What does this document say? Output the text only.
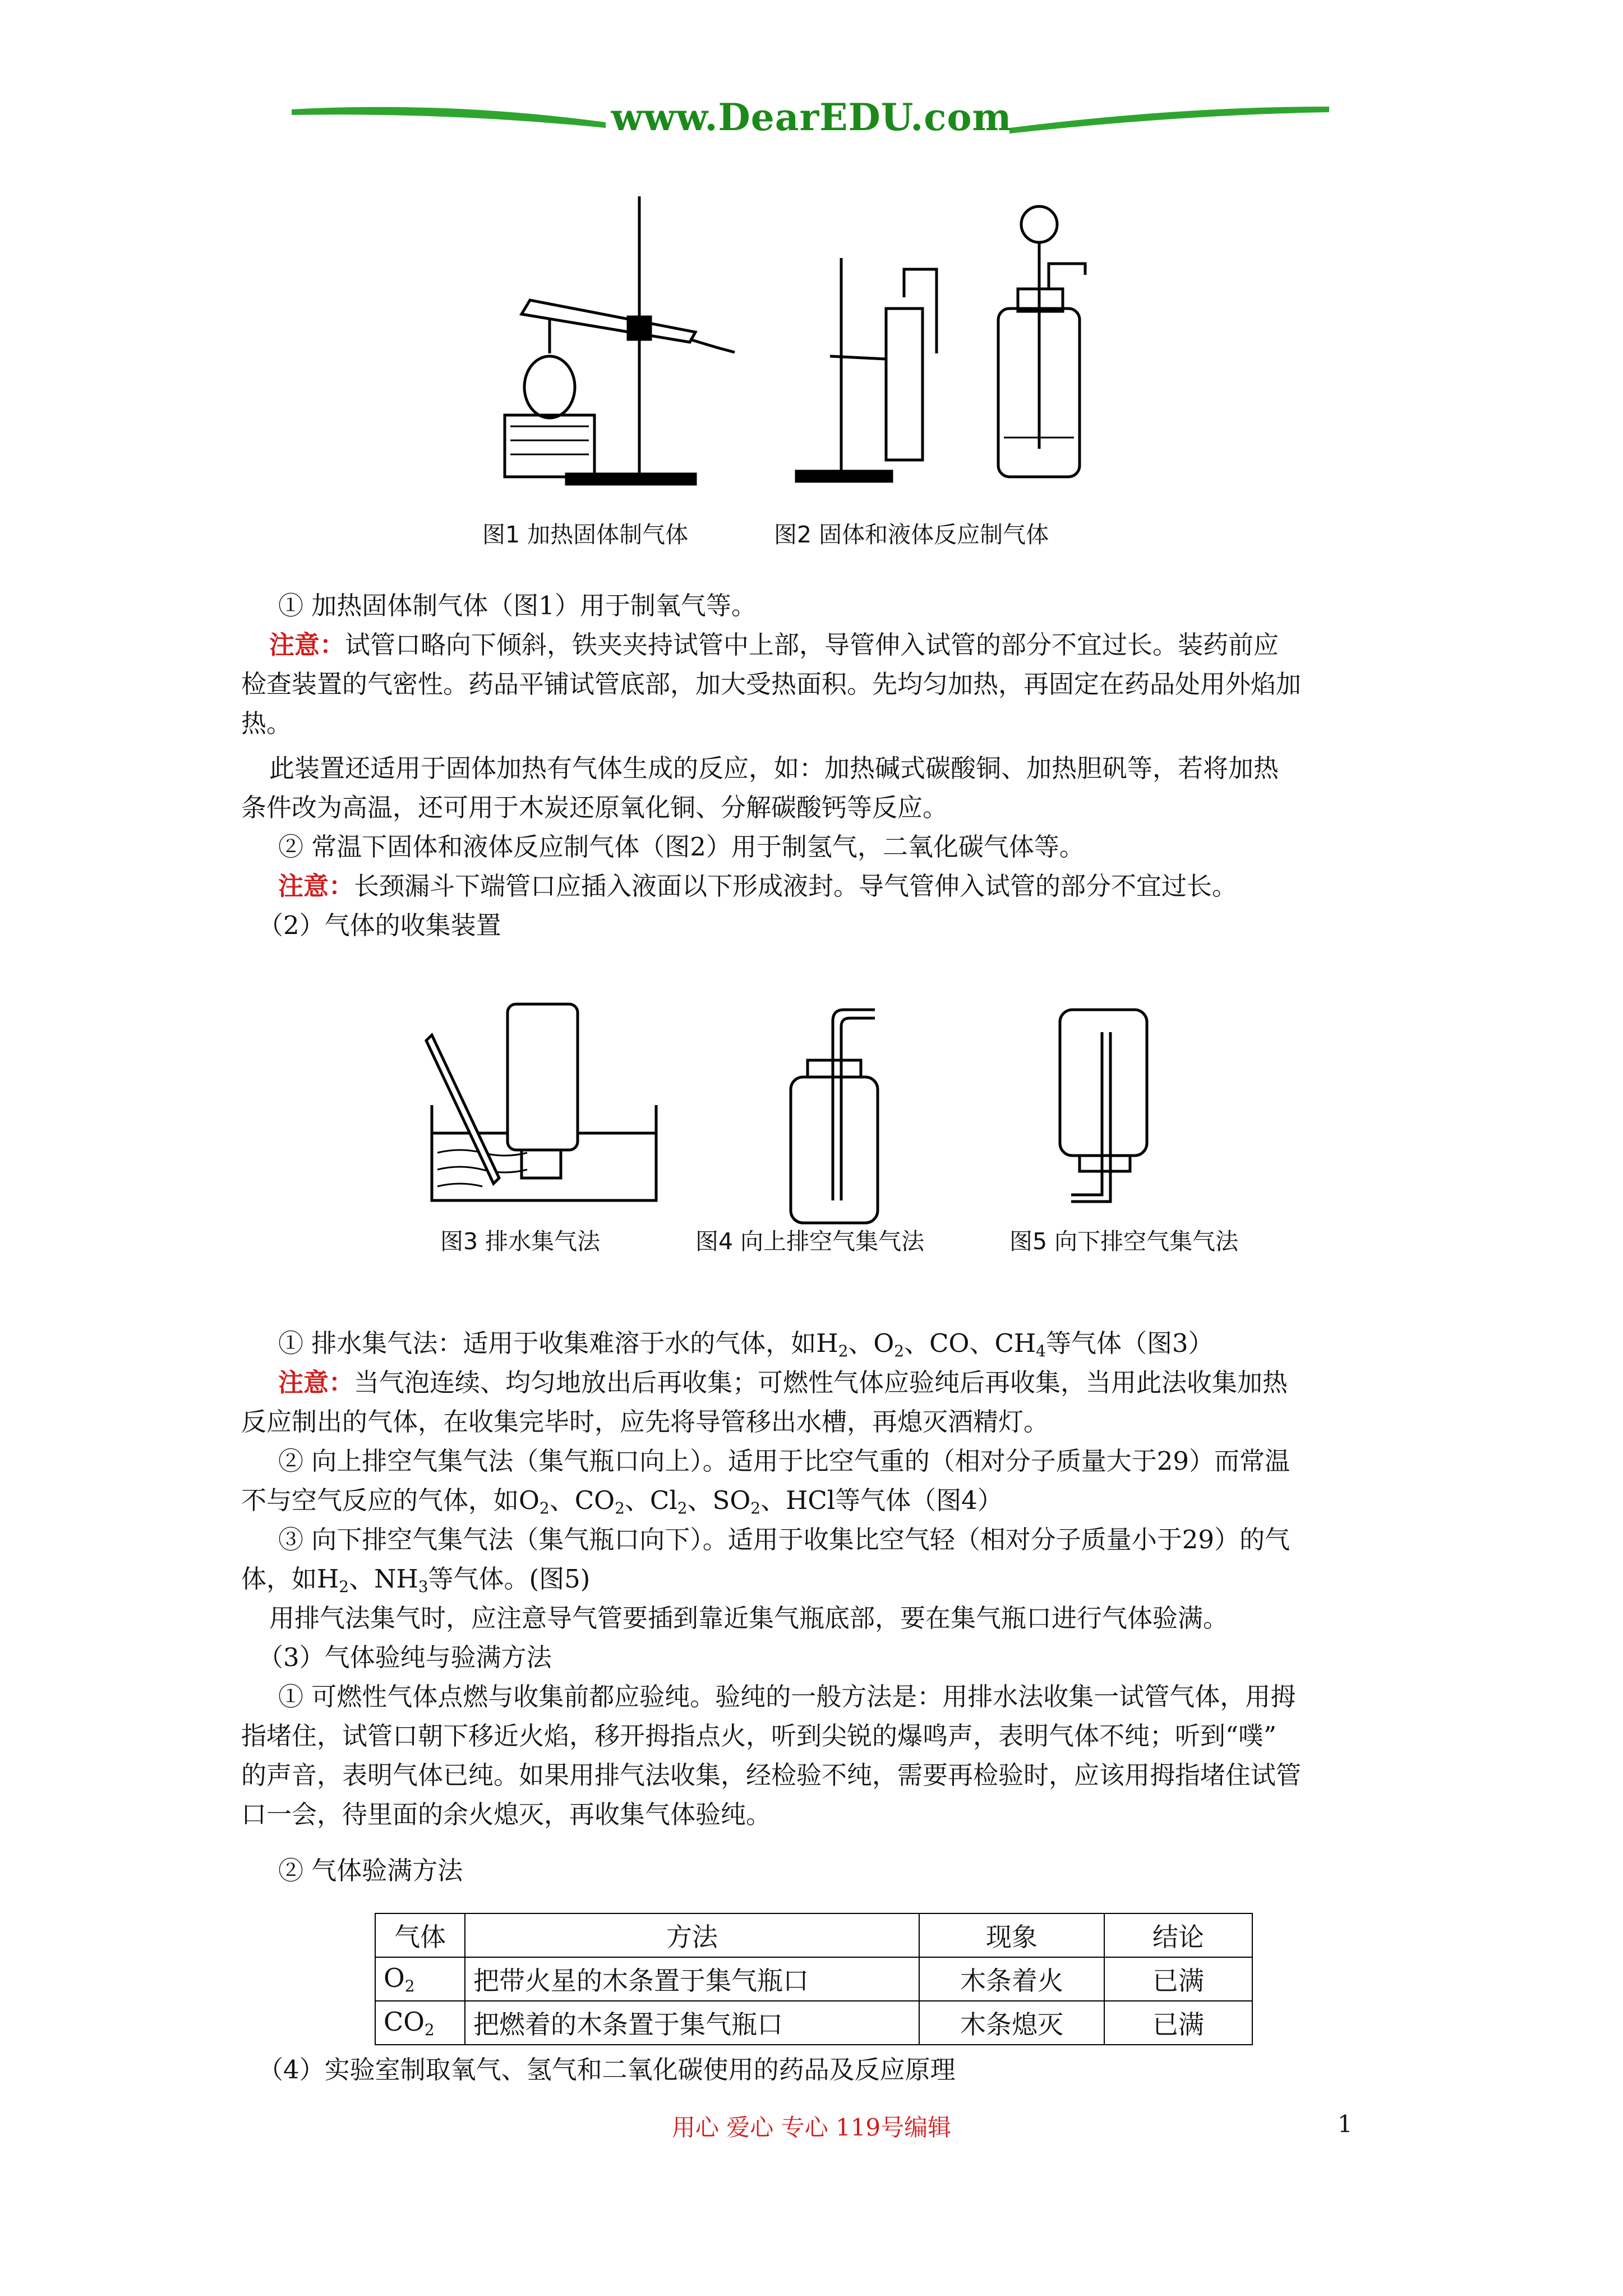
www.DearEDU.com
图1 加热固体制气体	图2 固体和液体反应制气体
① 加热固体制气体（图1）用于制氧气等。
注意：试管口略向下倾斜，铁夹夹持试管中上部，导管伸入试管的部分不宜过长。装药前应
检查装置的气密性。药品平铺试管底部，加大受热面积。先均匀加热，再固定在药品处用外焰加
热。
此装置还适用于固体加热有气体生成的反应，如：加热碱式碳酸铜、加热胆矾等，若将加热
条件改为高温，还可用于木炭还原氧化铜、分解碳酸钙等反应。
② 常温下固体和液体反应制气体（图2）用于制氢气，二氧化碳气体等。
注意：长颈漏斗下端管口应插入液面以下形成液封。导气管伸入试管的部分不宜过长。
（2）气体的收集装置
图3 排水集气法	图4 向上排空气集气法	图5 向下排空气集气法
① 排水集气法：适用于收集难溶于水的气体，如$H_2$、$O_2$、CO、$CH_4$等气体（图3）
注意：当气泡连续、均匀地放出后再收集；可燃性气体应验纯后再收集，当用此法收集加热
反应制出的气体，在收集完毕时，应先将导管移出水槽，再熄灭酒精灯。
② 向上排空气集气法（集气瓶口向上）。适用于比空气重的（相对分子质量大于29）而常温
不与空气反应的气体，如$O_2$、$CO_2$、$Cl_2$、$SO_2$、HCl等气体（图4）
③ 向下排空气集气法（集气瓶口向下）。适用于收集比空气轻（相对分子质量小于29）的气
体，如$H_2$、$NH_3$等气体。(图5)
用排气法集气时，应注意导气管要插到靠近集气瓶底部，要在集气瓶口进行气体验满。
（3）气体验纯与验满方法
① 可燃性气体点燃与收集前都应验纯。验纯的一般方法是：用排水法收集一试管气体，用拇
指堵住，试管口朝下移近火焰，移开拇指点火，听到尖锐的爆鸣声，表明气体不纯；听到“噗”
的声音，表明气体已纯。如果用排气法收集，经检验不纯，需要再检验时，应该用拇指堵住试管
口一会，待里面的余火熄灭，再收集气体验纯。
② 气体验满方法
气体	方法	现象	结论
$O_2$	把带火星的木条置于集气瓶口	木条着火	已满
$CO_2$	把燃着的木条置于集气瓶口	木条熄灭	已满
（4）实验室制取氧气、氢气和二氧化碳使用的药品及反应原理
用心 爱心 专心 119号编辑	1
